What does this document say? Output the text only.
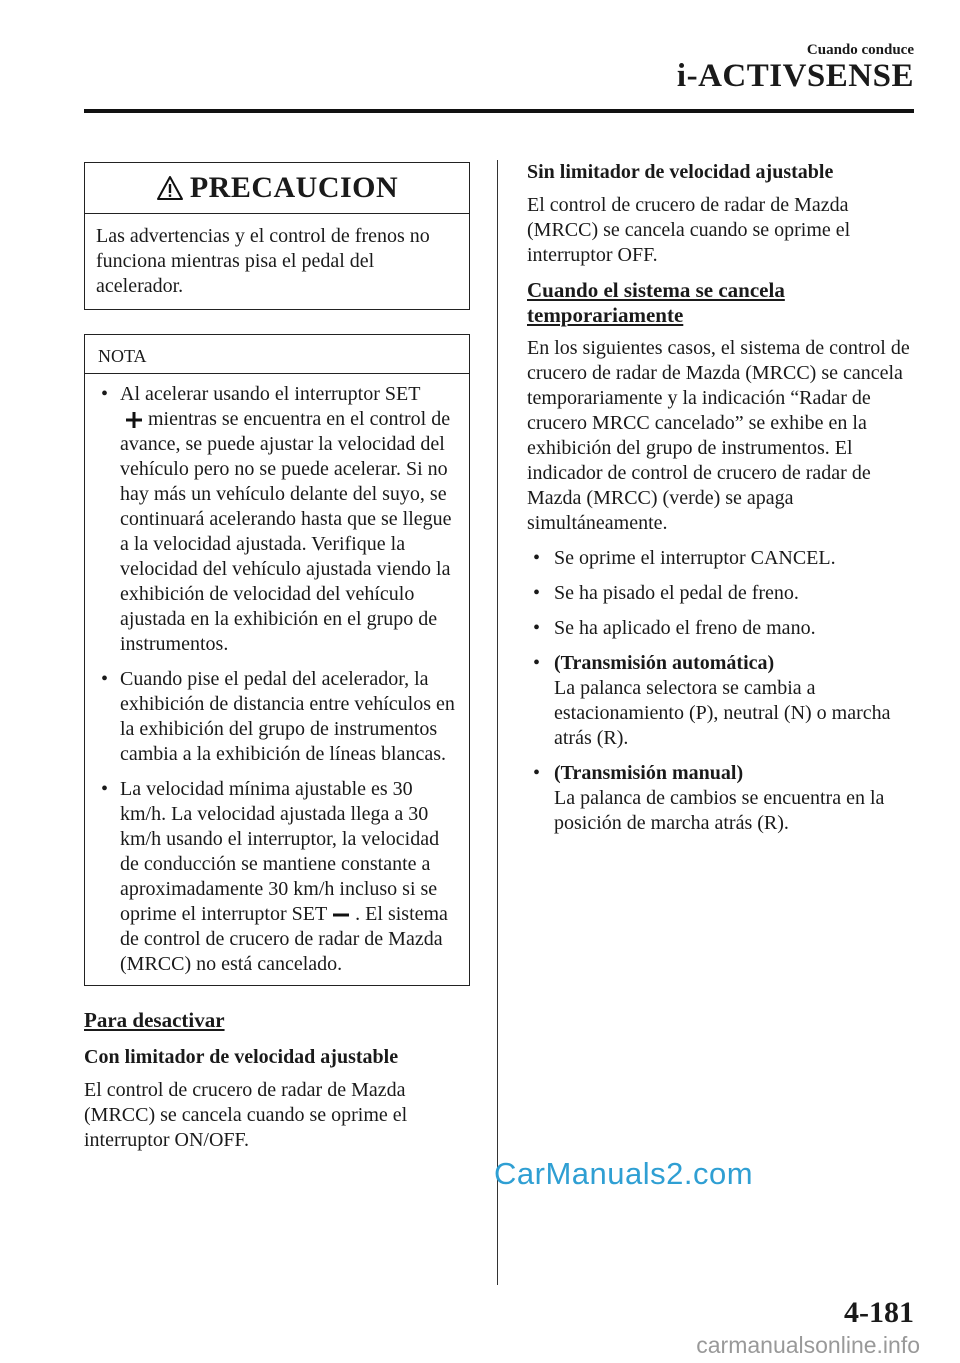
Cuando conduce
i-ACTIVSENSE
PRECAUCION
Las advertencias y el control de frenos no funciona mientras pisa el pedal del acelerador.
NOTA
• Al acelerar usando el interruptor SET
mientras se encuentra en el control de avance, se puede ajustar la velocidad del vehículo pero no se puede acelerar. Si no hay más un vehículo delante del suyo, se continuará acelerando hasta que se llegue a la velocidad ajustada. Verifique la velocidad del vehículo ajustada viendo la exhibición de velocidad del vehículo ajustada en la exhibición en el grupo de instrumentos.
• Cuando pise el pedal del acelerador, la exhibición de distancia entre vehículos en la exhibición del grupo de instrumentos cambia a la exhibición de líneas blancas.
• La velocidad mínima ajustable es 30 km/h. La velocidad ajustada llega a 30 km/h usando el interruptor, la velocidad de conducción se mantiene constante a aproximadamente 30 km/h incluso si se oprime el interruptor SET . El sistema de control de crucero de radar de Mazda (MRCC) no está cancelado.
Para desactivar
Con limitador de velocidad ajustable
El control de crucero de radar de Mazda (MRCC) se cancela cuando se oprime el interruptor ON/OFF.
Sin limitador de velocidad ajustable
El control de crucero de radar de Mazda (MRCC) se cancela cuando se oprime el interruptor OFF.
Cuando el sistema se cancela
temporariamente
En los siguientes casos, el sistema de control de crucero de radar de Mazda (MRCC) se cancela temporariamente y la indicación “Radar de crucero MRCC cancelado” se exhibe en la exhibición del grupo de instrumentos. El indicador de control de crucero de radar de Mazda (MRCC) (verde) se apaga simultáneamente.
• Se oprime el interruptor CANCEL.
• Se ha pisado el pedal de freno.
• Se ha aplicado el freno de mano.
• (Transmisión automática)
La palanca selectora se cambia a estacionamiento (P), neutral (N) o marcha atrás (R).
• (Transmisión manual)
La palanca de cambios se encuentra en la posición de marcha atrás (R).
CarManuals2.com
4-181
carmanualsonline.info
